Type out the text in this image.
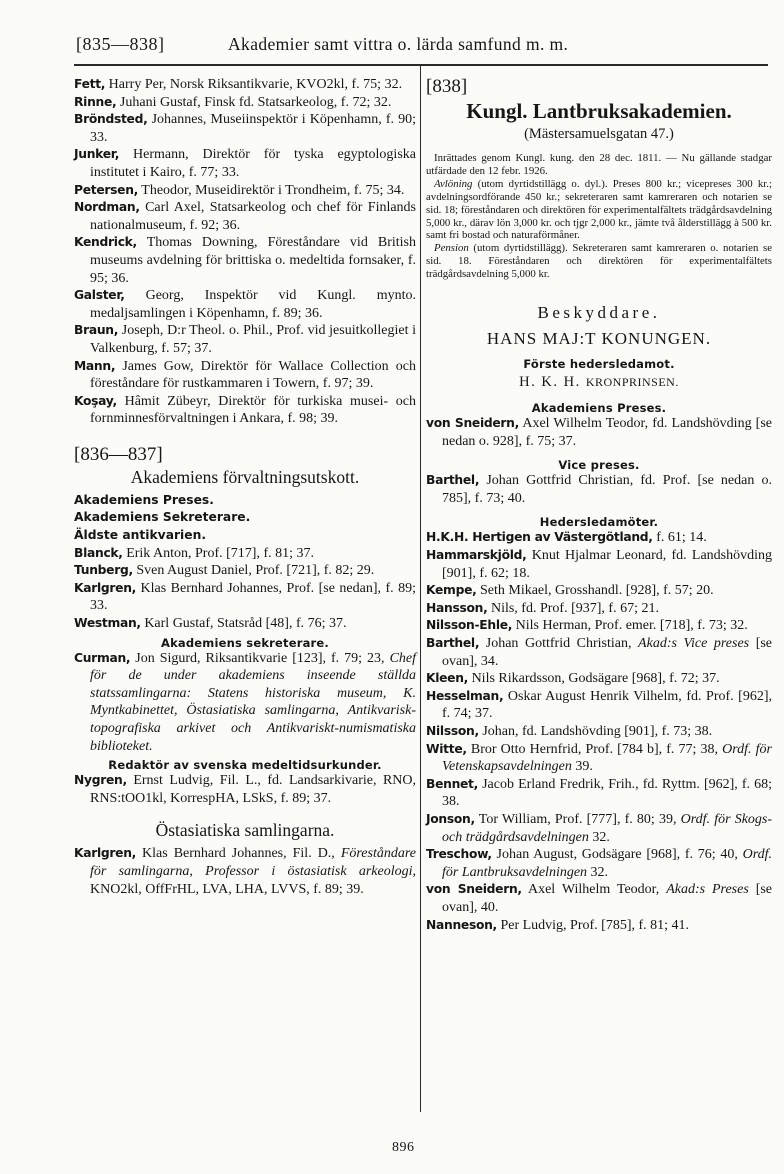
[835—838]	Akademier samt vittra o. lärda samfund m. m.

Fett, Harry Per, Norsk Riksantikvarie, KVO2kl, f. 75; 32.

Rinne, Juhani Gustaf, Finsk fd. Statsarkeolog, f. 72; 32.

Bröndsted, Johannes, Museiinspektör i Köpenhamn, f. 90; 33.

Junker, Hermann, Direktör för tyska egyptologiska institutet i Kairo, f. 77; 33.

Petersen, Theodor, Museidirektör i Trondheim, f. 75; 34.

Nordman, Carl Axel, Statsarkeolog och chef för Finlands nationalmuseum, f. 92; 36.

Kendrick, Thomas Downing, Föreståndare vid British museums avdelning för brittiska o. medeltida fornsaker, f. 95; 36.

Galster, Georg, Inspektör vid Kungl. myntо. medaljsamlingen i Köpenhamn, f. 89; 36.

Braun, Joseph, D:r Theol. o. Phil., Prof. vid jesuitkollegiet i Valkenburg, f. 57; 37.

Mann, James Gow, Direktör för Wallace Collection och föreståndare för rustkammaren i Towern, f. 97; 39.

Koşay, Hâmit Zübeyr, Direktör för turkiska musei- och fornminnesförvaltningen i Ankara, f. 98; 39.

[836—837]

Akademiens förvaltningsutskott.

Akademiens Preses.

Akademiens Sekreterare.

Äldste antikvarien.

Blanck, Erik Anton, Prof. [717], f. 81; 37.

Tunberg, Sven August Daniel, Prof. [721], f. 82; 29.

Karlgren, Klas Bernhard Johannes, Prof. [se nedan], f. 89; 33.

Westman, Karl Gustaf, Statsråd [48], f. 76; 37.

Akademiens sekreterare.

Curman, Jon Sigurd, Riksantikvarie [123], f. 79; 23, Chef för de under akademiens inseende ställda statssamlingarna: Statens historiska museum, K. Myntkabinettet, Östasiatiska samlingarna, Antikvarisk-topografiska arkivet och Antikvariskt-numismatiska biblioteket.

Redaktör av svenska medeltidsurkunder.

Nygren, Ernst Ludvig, Fil. L., fd. Landsarkivarie, RNO, RNS:tOO1kl, KorrespHA, LSkS, f. 89; 37.

Östasiatiska samlingarna.

Karlgren, Klas Bernhard Johannes, Fil. D., Föreståndare för samlingarna, Professor i östasiatisk arkeologi, KNO2kl, OffFrHL, LVA, LHA, LVVS, f. 89; 39.

[838]

Kungl. Lantbruksakademien.

(Mästersamuelsgatan 47.)

Inrättades genom Kungl. kung. den 28 dec. 1811. — Nu gällande stadgar utfärdade den 12 febr. 1926.

Avlöning (utom dyrtidstillägg o. dyl.). Preses 800 kr.; vicepreses 300 kr.; avdelningsordförande 450 kr.; sekreteraren samt kamreraren och notarien se sid. 18; föreståndaren och direktören för experimentalfältets trädgårdsavdelning 5,000 kr., därav lön 3,000 kr. och tjgr 2,000 kr., jämte två ålderstillägg à 500 kr. samt fri bostad och naturaförmåner.

Pension (utom dyrtidstillägg). Sekreteraren samt kamreraren o. notarien se sid. 18. Föreståndaren och direktören för experimentalfältets trädgårdsavdelning 5,000 kr.

Beskyddare.

HANS MAJ:T KONUNGEN.

Förste hedersledamot.

H. K. H. KRONPRINSEN.

Akademiens Preses.

von Sneidern, Axel Wilhelm Teodor, fd. Landshövding [se nedan o. 928], f. 75; 37.

Vice preses.

Barthel, Johan Gottfrid Christian, fd. Prof. [se nedan o. 785], f. 73; 40.

Hedersledamöter.

H.K.H. Hertigen av Västergötland, f. 61; 14.

Hammarskjöld, Knut Hjalmar Leonard, fd. Landshövding [901], f. 62; 18.

Kempe, Seth Mikael, Grosshandl. [928], f. 57; 20.

Hansson, Nils, fd. Prof. [937], f. 67; 21.

Nilsson-Ehle, Nils Herman, Prof. emer. [718], f. 73; 32.

Barthel, Johan Gottfrid Christian, Akad:s Vice preses [se ovan], 34.

Kleen, Nils Rikardsson, Godsägare [968], f. 72; 37.

Hesselman, Oskar August Henrik Vilhelm, fd. Prof. [962], f. 74; 37.

Nilsson, Johan, fd. Landshövding [901], f. 73; 38.

Witte, Bror Otto Hernfrid, Prof. [784 b], f. 77; 38, Ordf. för Vetenskapsavdelningen 39.

Bennet, Jacob Erland Fredrik, Frih., fd. Ryttm. [962], f. 68; 38.

Jonson, Tor William, Prof. [777], f. 80; 39, Ordf. för Skogs- och trädgårdsavdelningen 32.

Treschow, Johan August, Godsägare [968], f. 76; 40, Ordf. för Lantbruksavdelningen 32.

von Sneidern, Axel Wilhelm Teodor, Akad:s Preses [se ovan], 40.

Nanneson, Per Ludvig, Prof. [785], f. 81; 41.

896
